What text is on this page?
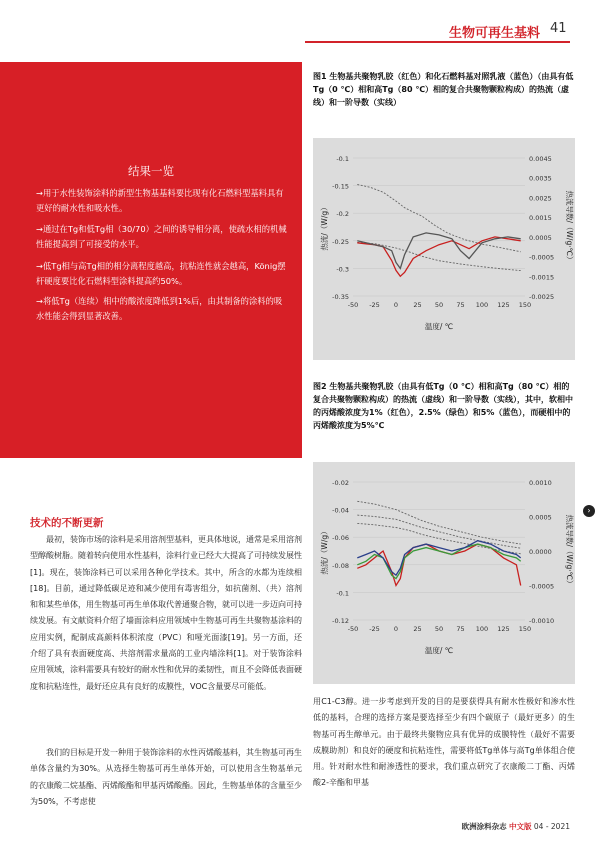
生物可再生基料 41
结果一览
→用于水性装饰涂料的新型生物基基料要比现有化石燃料型基料具有更好的耐水性和吸水性。
→通过在Tg和低Tg相（30/70）之间的诱导相分离，使疏水相的机械性能提高到了可接受的水平。
→低Tg相与高Tg相的相分离程度越高，抗粘连性就会越高，König摆杆硬度要比化石燃料型涂料提高约50%。
→将低Tg（连续）相中的酸浓度降低到1%后，由其制备的涂料的吸水性能会得到显著改善。
图1 生物基共聚物乳胶（红色）和化石燃料基对照乳液（蓝色）（由具有低Tg（0 ℃）相和高Tg（80 ℃）相的复合共聚物颗粒构成）的热流（虚线）和一阶导数（实线）
-0.1
-0.15
-0.2
-0.25
-0.3
-0.35
0.0045
0.0035
0.0025
0.0015
0.0005
-0.0005
-0.0015
-0.0025
-50 -25 0 25 50 75 100 125 150
温度/ ℃
热流/（W/g）	热流导数/（W/g·℃）
图2 生物基共聚物乳胶（由具有低Tg（0 ℃）相和高Tg（80 ℃）相的复合共聚物颗粒构成）的热流（虚线）和一阶导数（实线），其中，软相中的丙烯酸浓度为1%（红色），2.5%（绿色）和5%（蓝色），而硬相中的丙烯酸浓度为5%℃
-0.02
-0.04
-0.06
-0.08
-0.1
-0.12
0.0010
0.0005
0.0000
-0.0005
-0.0010
-50 -25 0 25 50 75 100 125 150
温度/ ℃
热流/（W/g）	热流导数/（W/g·℃）
›
技术的不断更新
最初，装饰市场的涂料是采用溶剂型基料，更具体地说，通常是采用溶剂型醇酸树脂。随着转向使用水性基料，涂料行业已经大大提高了可持续发展性[1]。现在，装饰涂料已可以采用各种化学技术。其中，所含的水都为连续相[18]。目前，通过降低碳足迹和减少使用有毒害组分，如抗菌剂、（共）溶剂和和某些单体，用生物基可再生单体取代普通聚合物，就可以进一步迈向可持续发展。有文献资料介绍了墙面涂料应用领域中生物基可再生共聚物基涂料的应用实例，配制成高颜料体积浓度（PVC）和哑光面漆[19]。另一方面，还介绍了具有表面硬度高、共溶剂需求量高的工业内墙涂料[1]。对于装饰涂料应用领域，涂料需要具有较好的耐水性和优异的柔韧性，而且不会降低表面硬度和抗粘连性，最好还应具有良好的成膜性，VOC含量要尽可能低。
我们的目标是开发一种用于装饰涂料的水性丙烯酸基料，其生物基可再生单体含量约为30%。从选择生物基可再生单体开始，可以使用含生物基单元的衣康酸二烷基酯、丙烯酸酯和甲基丙烯酸酯。因此，生物基单体的含量至少为50%，不考虑使
用C1-C3醇。进一步考虑到开发的目的是要获得具有耐水性极好和渗水性低的基料，合理的选择方案是要选择至少有四个碳原子（最好更多）的生物基可再生醇单元。由于最终共聚物应具有优异的成膜特性（最好不需要成膜助剂）和良好的硬度和抗粘连性，需要将低Tg单体与高Tg单体组合使用。针对耐水性和耐渗透性的要求，我们重点研究了衣康酸二丁酯、丙烯酸2-辛酯和甲基
欧洲涂料杂志 中文版 04 - 2021
